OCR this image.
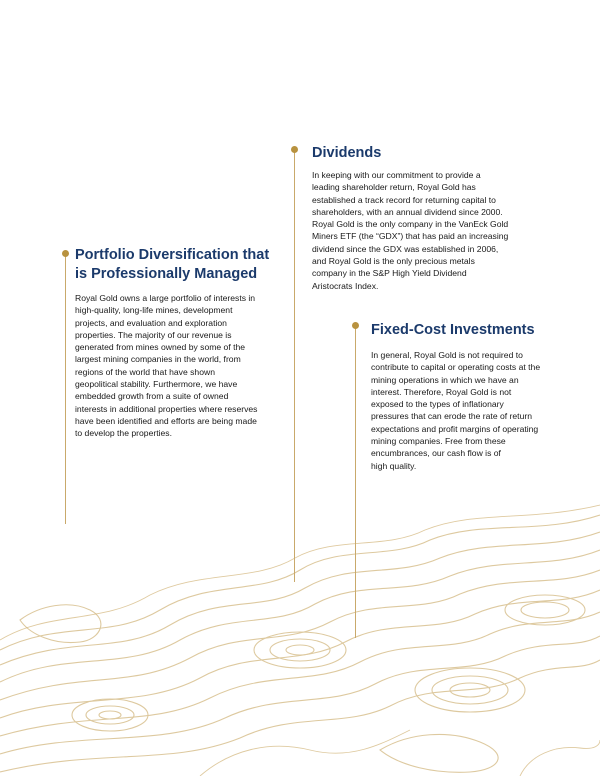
Dividends

In keeping with our commitment to provide a
leading shareholder return, Royal Gold has
established a track record for returning capital to
shareholders, with an annual dividend since 2000.
Royal Gold is the only company in the VanEck Gold
Miners ETF (the “GDX”) that has paid an increasing
dividend since the GDX was established in 2006,
and Royal Gold is the only precious metals
company in the S&P High Yield Dividend
Aristocrats Index.

Portfolio Diversification that
is Professionally Managed

Royal Gold owns a large portfolio of interests in
high-quality, long-life mines, development
projects, and evaluation and exploration
properties. The majority of our revenue is
generated from mines owned by some of the
largest mining companies in the world, from
regions of the world that have shown
geopolitical stability. Furthermore, we have
embedded growth from a suite of owned
interests in additional properties where reserves
have been identified and efforts are being made
to develop the properties.

Fixed-Cost Investments

In general, Royal Gold is not required to
contribute to capital or operating costs at the
mining operations in which we have an
interest. Therefore, Royal Gold is not
exposed to the types of inflationary
pressures that can erode the rate of return
expectations and profit margins of operating
mining companies. Free from these
encumbrances, our cash flow is of
high quality.
